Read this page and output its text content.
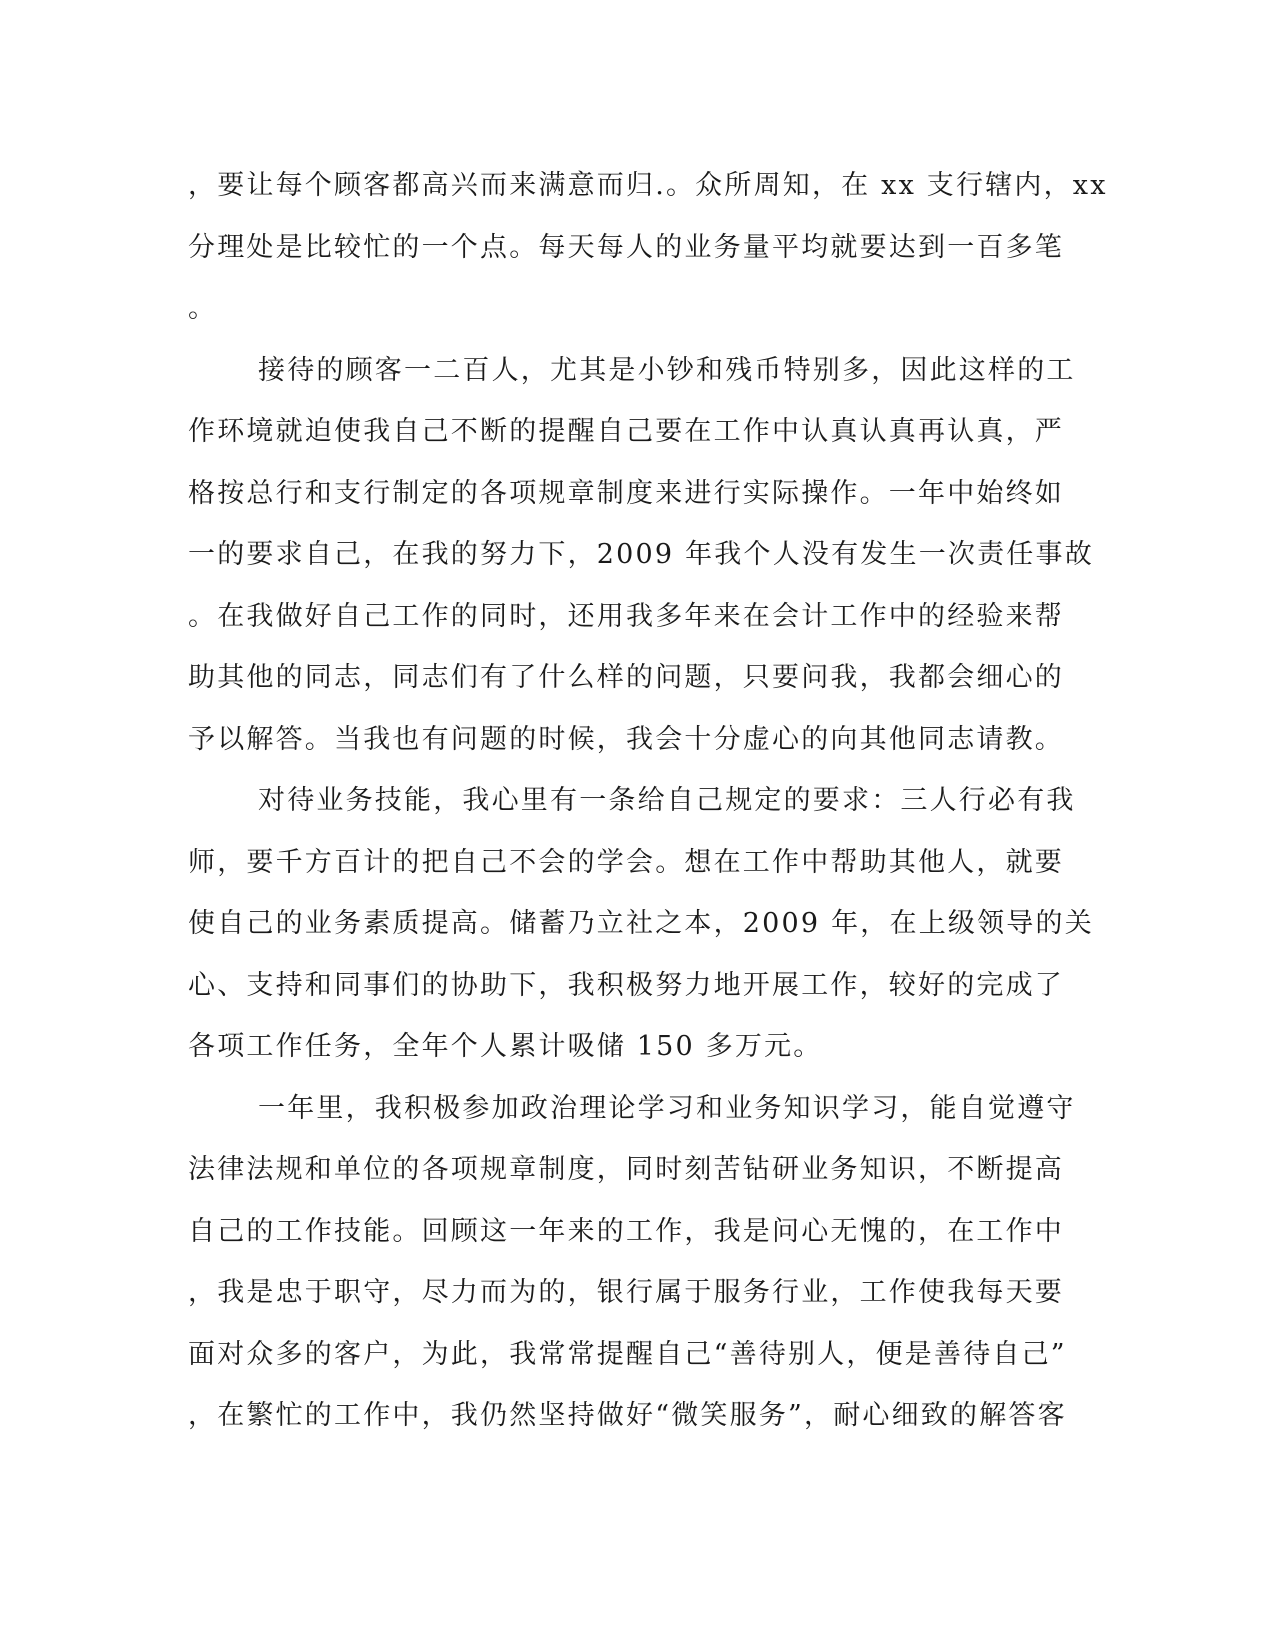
，要让每个顾客都高兴而来满意而归.。众所周知，在 xx 支行辖内，xx
分理处是比较忙的一个点。每天每人的业务量平均就要达到一百多笔
。
接待的顾客一二百人，尤其是小钞和残币特别多，因此这样的工
作环境就迫使我自己不断的提醒自己要在工作中认真认真再认真，严
格按总行和支行制定的各项规章制度来进行实际操作。一年中始终如
一的要求自己，在我的努力下，2009 年我个人没有发生一次责任事故
。在我做好自己工作的同时，还用我多年来在会计工作中的经验来帮
助其他的同志，同志们有了什么样的问题，只要问我，我都会细心的
予以解答。当我也有问题的时候，我会十分虚心的向其他同志请教。
对待业务技能，我心里有一条给自己规定的要求：三人行必有我
师，要千方百计的把自己不会的学会。想在工作中帮助其他人，就要
使自己的业务素质提高。储蓄乃立社之本，2009 年，在上级领导的关
心、支持和同事们的协助下，我积极努力地开展工作，较好的完成了
各项工作任务，全年个人累计吸储 150 多万元。
一年里，我积极参加政治理论学习和业务知识学习，能自觉遵守
法律法规和单位的各项规章制度，同时刻苦钻研业务知识，不断提高
自己的工作技能。回顾这一年来的工作，我是问心无愧的，在工作中
，我是忠于职守，尽力而为的，银行属于服务行业，工作使我每天要
面对众多的客户，为此，我常常提醒自己“善待别人，便是善待自己”
，在繁忙的工作中，我仍然坚持做好“微笑服务”，耐心细致的解答客
